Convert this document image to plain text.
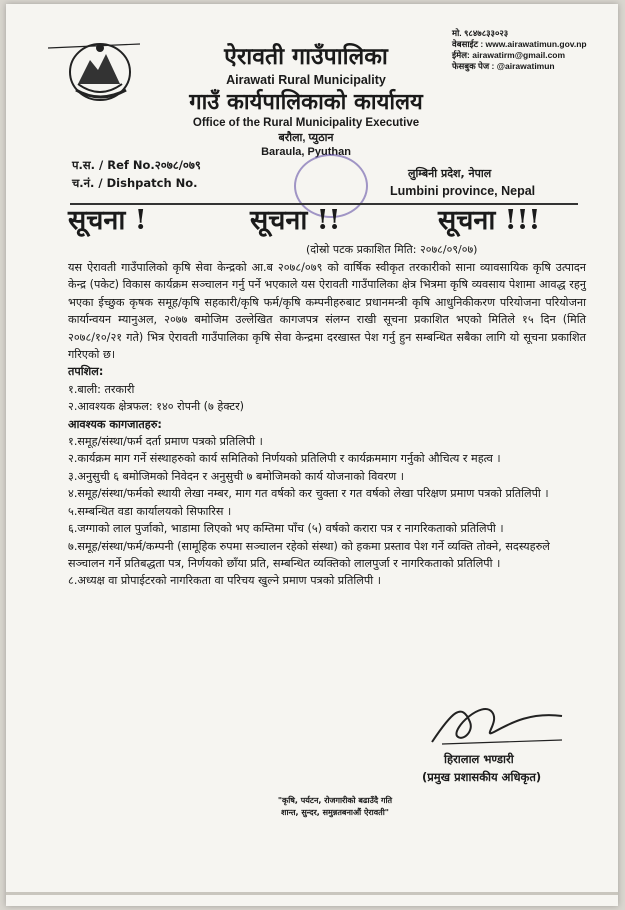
ऐरावती गाउँपालिका
Airawati Rural Municipality
गाउँ कार्यपालिकाको कार्यालय
Office of the Rural Municipality Executive
बरौला, प्युठान
Baraula, Pyuthan
मो. ९८४७८३३०२३
वेबसाईट : www.airawatimun.gov.np
ईमेल: airawatirm@gmail.com
फेसबुक पेज : @airawatimun
प.स. / Ref No.२०७८/०७९
च.नं. / Dishpatch No.
लुम्बिनी प्रदेश, नेपाल
Lumbini province, Nepal
सूचना !	सूचना !!	सूचना !!!
(दोस्रो पटक प्रकाशित मिति: २०७८/०९/०७)

यस ऐरावती गाउँपालिको कृषि सेवा केन्द्रको आ.ब २०७८/०७९ को वार्षिक स्वीकृत तरकारीको साना व्यावसायिक कृषि उत्पादन केन्द्र (पकेट) विकास कार्यक्रम सञ्चालन गर्नु पर्ने भएकाले यस ऐरावती गाउँपालिका क्षेत्र भित्रमा कृषि व्यवसाय पेशामा आवद्ध रहनु भएका ईच्छुक कृषक समूह/कृषि सहकारी/कृषि फर्म/कृषि कम्पनीहरुबाट प्रधानमन्त्री कृषि आधुनिकीकरण परियोजना परियोजना कार्यान्वयन म्यानुअल, २०७७ बमोजिम उल्लेखित कागजपत्र संलग्न राखी सूचना प्रकाशित भएको मितिले १५ दिन (मिति २०७८/१०/२१ गते) भित्र ऐरावती गाउँपालिका कृषि सेवा केन्द्रमा दरखास्त पेश गर्नु हुन सम्बन्धित सबैका लागि यो सूचना प्रकाशित गरिएको छ।

तपशिल:

१.बाली: तरकारी

२.आवश्यक क्षेत्रफल: १४० रोपनी (७ हेक्टर)

आवश्यक कागजातहरु:

१.समूह/संस्था/फर्म दर्ता प्रमाण पत्रको प्रतिलिपी ।

२.कार्यक्रम माग गर्ने संस्थाहरुको कार्य समितिको निर्णयको प्रतिलिपी र कार्यक्रममाग गर्नुको औचित्य र महत्व ।

३.अनुसुची ६ बमोजिमको निवेदन र अनुसुची ७ बमोजिमको कार्य योजनाको विवरण ।

४.समूह/संस्था/फर्मको स्थायी लेखा नम्बर, माग गत वर्षको कर चुक्ता र गत वर्षको लेखा परिक्षण प्रमाण पत्रको प्रतिलिपी ।

५.सम्बन्धित वडा कार्यालयको सिफारिस ।

६.जग्गाको लाल पुर्जाको, भाडामा लिएको भए कम्तिमा पाँच (५) वर्षको करारा पत्र र नागरिकताको प्रतिलिपी ।

७.समूह/संस्था/फर्म/कम्पनी (सामूहिक रुपमा सञ्चालन रहेको संस्था) को हकमा प्रस्ताव पेश गर्ने व्यक्ति तोक्ने, सदस्यहरुले सञ्चालन गर्ने प्रतिबद्धता पत्र, निर्णयको छाँया प्रति, सम्बन्धित व्यक्तिको लालपुर्जा र नागरिकताको प्रतिलिपी ।

८.अध्यक्ष वा प्रोपाईटरको नागरिकता वा परिचय खुल्ने प्रमाण पत्रको प्रतिलिपी ।

हिरालाल भण्डारी
(प्रमुख प्रशासकीय अधिकृत)
"कृषि, पर्यटन, रोजगारीको बढाउँदै गति
शान्त, सुन्दर, समुन्नतबनाऔं ऐरावती"
